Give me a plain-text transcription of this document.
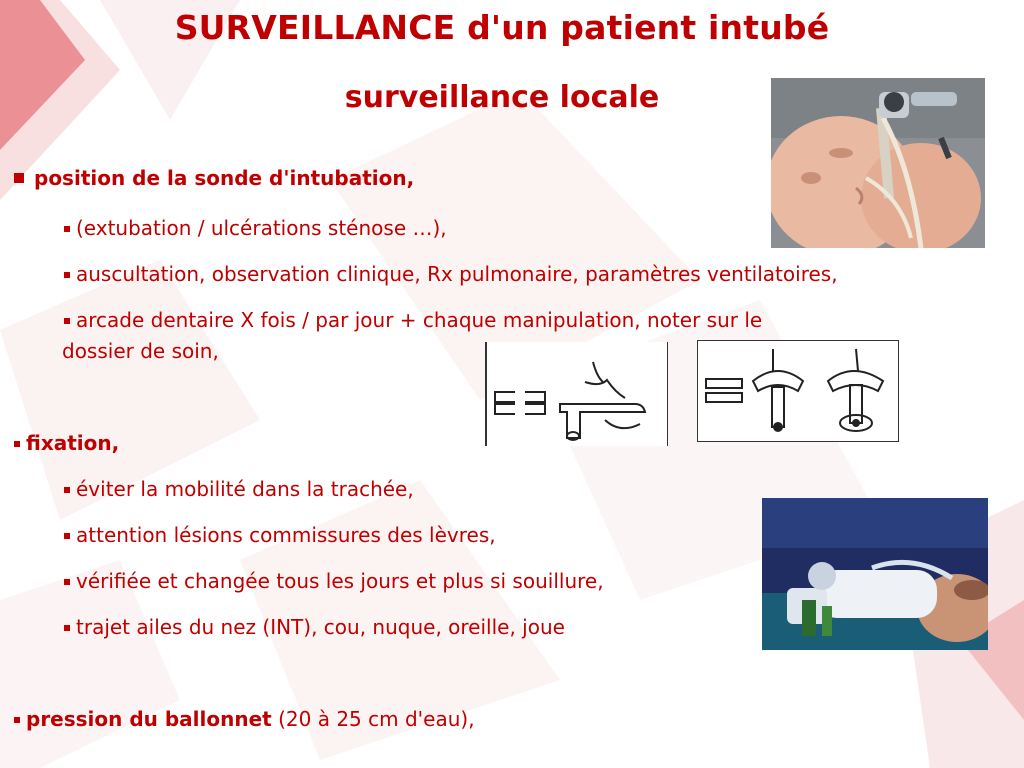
SURVEILLANCE d'un patient intubé
surveillance locale
position de la sonde d'intubation,
(extubation / ulcérations sténose …),
auscultation, observation clinique, Rx pulmonaire, paramètres ventilatoires,
arcade dentaire X fois / par jour + chaque manipulation, noter sur le
dossier de soin,
fixation,
éviter la mobilité dans la trachée,
attention lésions commissures des lèvres,
vérifiée et changée tous les jours et plus si souillure,
trajet ailes du nez (INT), cou, nuque, oreille, joue
pression du ballonnet (20 à 25 cm d'eau),
